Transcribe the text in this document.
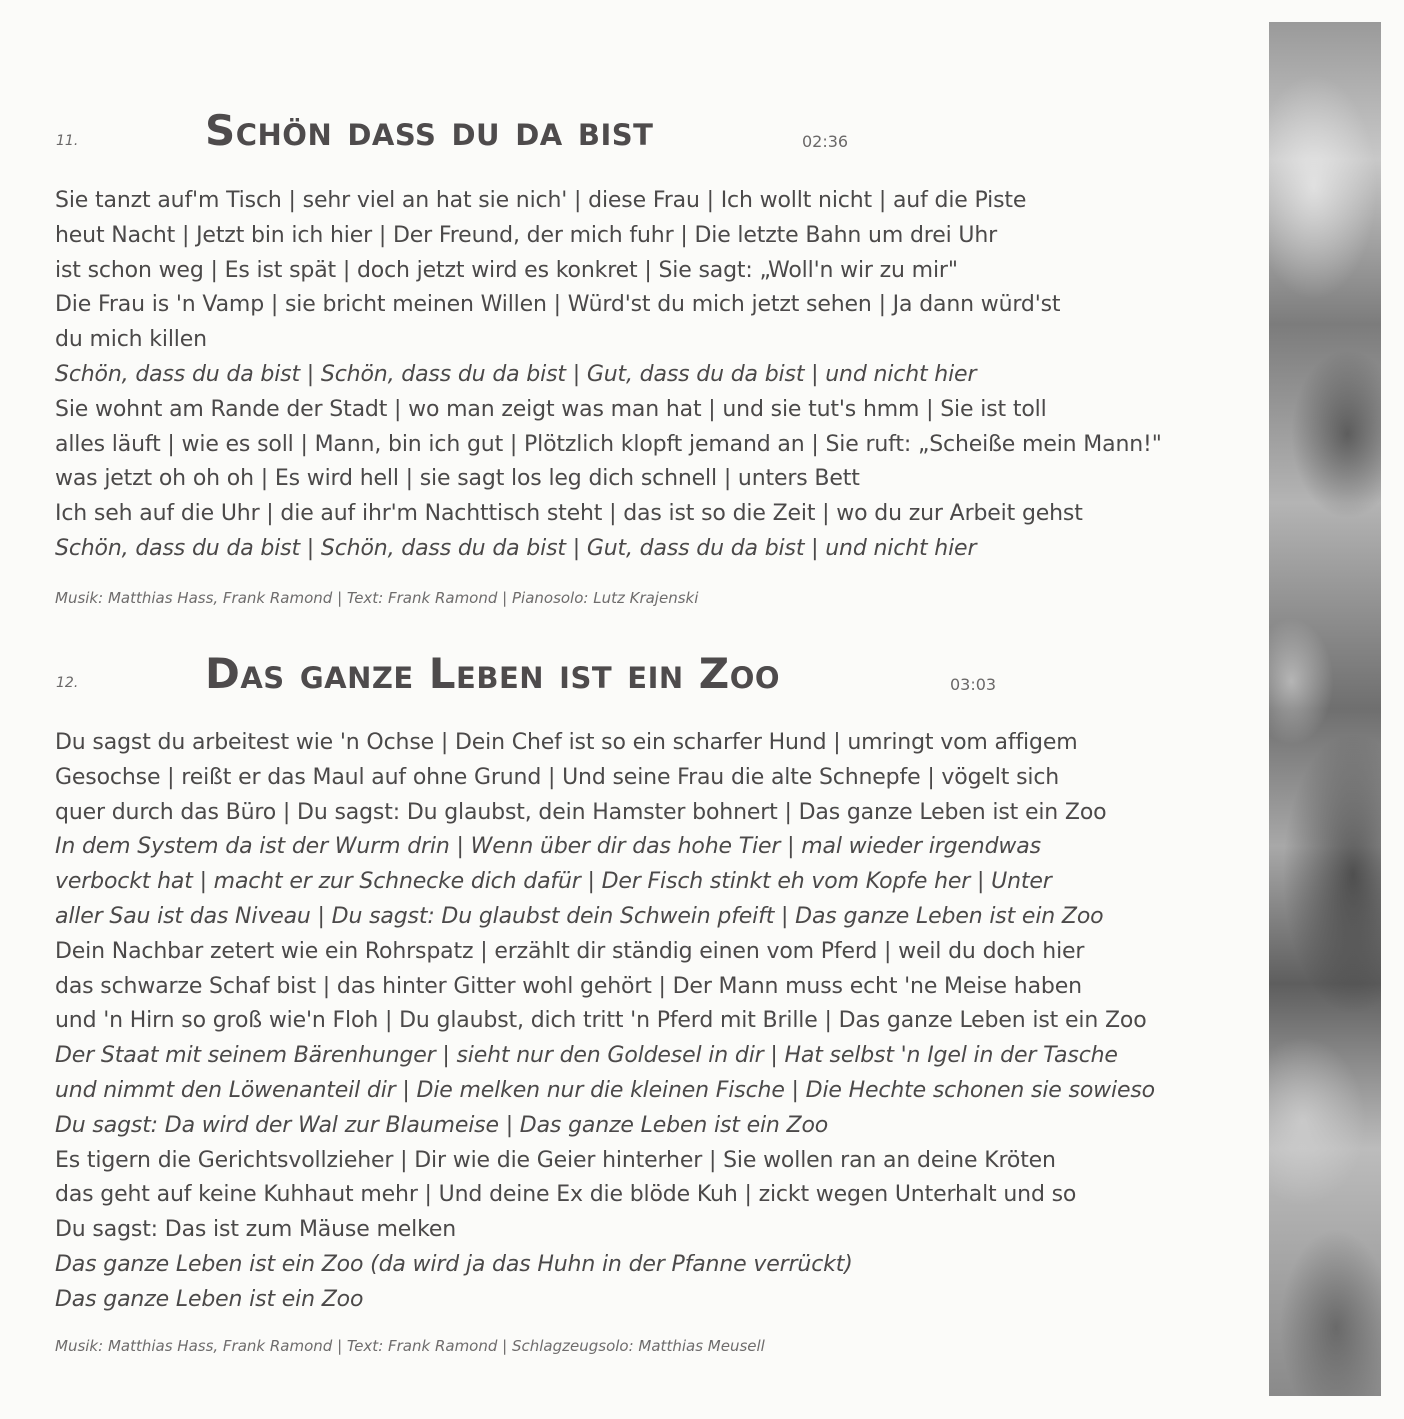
11.	Schön dass du da bist	02:36
Sie tanzt auf'm Tisch | sehr viel an hat sie nich' | diese Frau | Ich wollt nicht | auf die Piste
heut Nacht | Jetzt bin ich hier | Der Freund, der mich fuhr | Die letzte Bahn um drei Uhr
ist schon weg | Es ist spät | doch jetzt wird es konkret | Sie sagt: „Woll'n wir zu mir"
Die Frau is 'n Vamp | sie bricht meinen Willen | Würd'st du mich jetzt sehen | Ja dann würd'st
du mich killen
Schön, dass du da bist | Schön, dass du da bist | Gut, dass du da bist | und nicht hier
Sie wohnt am Rande der Stadt | wo man zeigt was man hat | und sie tut's hmm | Sie ist toll
alles läuft | wie es soll | Mann, bin ich gut | Plötzlich klopft jemand an | Sie ruft: „Scheiße mein Mann!"
was jetzt oh oh oh | Es wird hell | sie sagt los leg dich schnell | unters Bett
Ich seh auf die Uhr | die auf ihr'm Nachttisch steht | das ist so die Zeit | wo du zur Arbeit gehst
Schön, dass du da bist | Schön, dass du da bist | Gut, dass du da bist | und nicht hier
Musik: Matthias Hass, Frank Ramond | Text: Frank Ramond | Pianosolo: Lutz Krajenski
12.	Das ganze Leben ist ein Zoo	03:03
Du sagst du arbeitest wie 'n Ochse | Dein Chef ist so ein scharfer Hund | umringt vom affigem
Gesochse | reißt er das Maul auf ohne Grund | Und seine Frau die alte Schnepfe | vögelt sich
quer durch das Büro | Du sagst: Du glaubst, dein Hamster bohnert | Das ganze Leben ist ein Zoo
In dem System da ist der Wurm drin | Wenn über dir das hohe Tier | mal wieder irgendwas
verbockt hat | macht er zur Schnecke dich dafür | Der Fisch stinkt eh vom Kopfe her | Unter
aller Sau ist das Niveau | Du sagst: Du glaubst dein Schwein pfeift | Das ganze Leben ist ein Zoo
Dein Nachbar zetert wie ein Rohrspatz | erzählt dir ständig einen vom Pferd | weil du doch hier
das schwarze Schaf bist | das hinter Gitter wohl gehört | Der Mann muss echt 'ne Meise haben
und 'n Hirn so groß wie'n Floh | Du glaubst, dich tritt 'n Pferd mit Brille | Das ganze Leben ist ein Zoo
Der Staat mit seinem Bärenhunger | sieht nur den Goldesel in dir | Hat selbst 'n Igel in der Tasche
und nimmt den Löwenanteil dir | Die melken nur die kleinen Fische | Die Hechte schonen sie sowieso
Du sagst: Da wird der Wal zur Blaumeise | Das ganze Leben ist ein Zoo
Es tigern die Gerichtsvollzieher | Dir wie die Geier hinterher | Sie wollen ran an deine Kröten
das geht auf keine Kuhhaut mehr | Und deine Ex die blöde Kuh | zickt wegen Unterhalt und so
Du sagst: Das ist zum Mäuse melken
Das ganze Leben ist ein Zoo (da wird ja das Huhn in der Pfanne verrückt)
Das ganze Leben ist ein Zoo
Musik: Matthias Hass, Frank Ramond | Text: Frank Ramond | Schlagzeugsolo: Matthias Meusell
